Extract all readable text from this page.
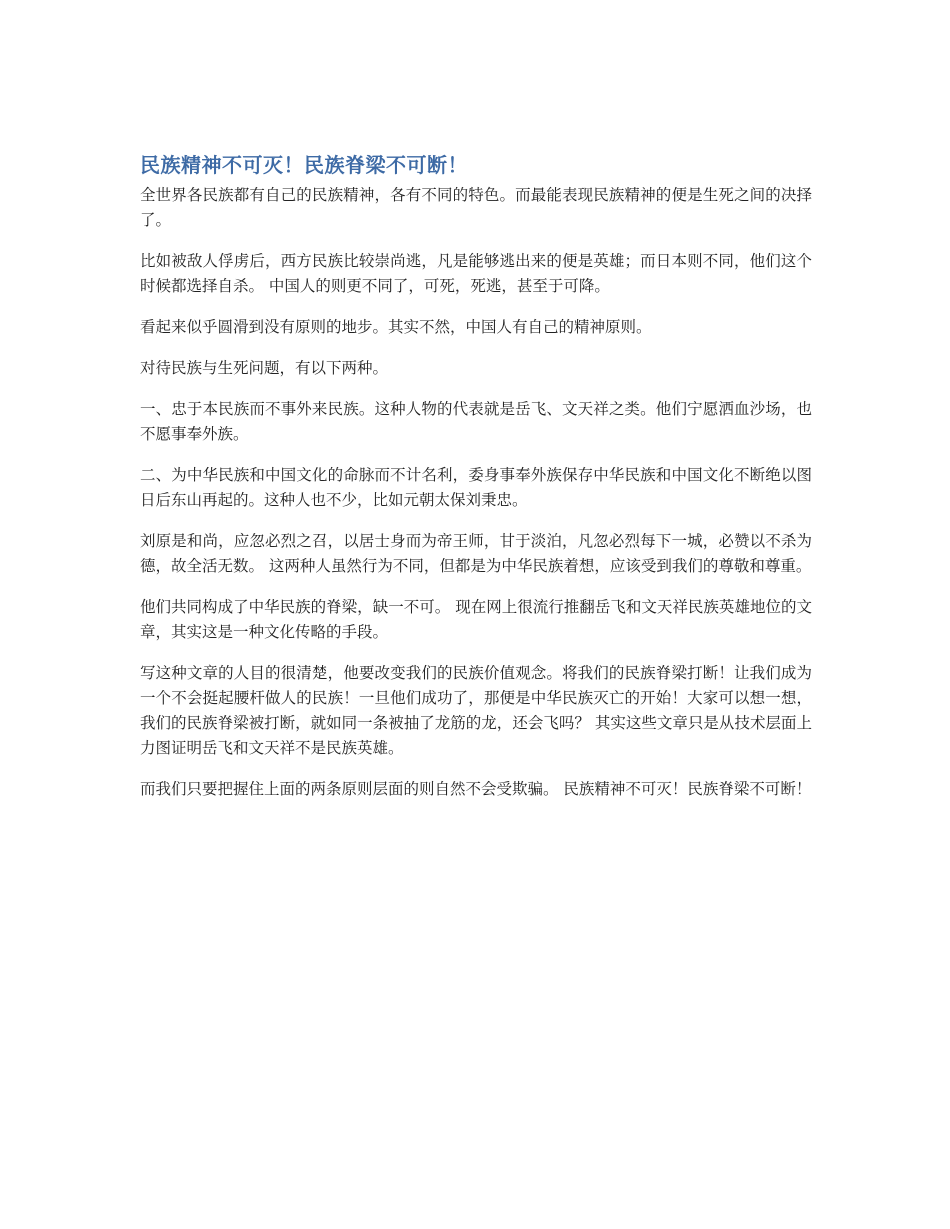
民族精神不可灭！民族脊梁不可断！

全世界各民族都有自己的民族精神，各有不同的特色。而最能表现民族精神的便是生死之间的决择了。

比如被敌人俘虏后，西方民族比较崇尚逃，凡是能够逃出来的便是英雄；而日本则不同，他们这个时候都选择自杀。 中国人的则更不同了，可死，死逃，甚至于可降。

看起来似乎圆滑到没有原则的地步。其实不然，中国人有自己的精神原则。

对待民族与生死问题，有以下两种。

一、忠于本民族而不事外来民族。这种人物的代表就是岳飞、文天祥之类。他们宁愿洒血沙场，也不愿事奉外族。

二、为中华民族和中国文化的命脉而不计名利，委身事奉外族保存中华民族和中国文化不断绝以图日后东山再起的。这种人也不少，比如元朝太保刘秉忠。

刘原是和尚，应忽必烈之召，以居士身而为帝王师，甘于淡泊，凡忽必烈每下一城，必赞以不杀为德，故全活无数。 这两种人虽然行为不同，但都是为中华民族着想，应该受到我们的尊敬和尊重。

他们共同构成了中华民族的脊梁，缺一不可。 现在网上很流行推翻岳飞和文天祥民族英雄地位的文章，其实这是一种文化传略的手段。

写这种文章的人目的很清楚，他要改变我们的民族价值观念。将我们的民族脊梁打断！让我们成为一个不会挺起腰杆做人的民族！一旦他们成功了，那便是中华民族灭亡的开始！大家可以想一想，我们的民族脊梁被打断，就如同一条被抽了龙筋的龙，还会飞吗？ 其实这些文章只是从技术层面上力图证明岳飞和文天祥不是民族英雄。

而我们只要把握住上面的两条原则层面的则自然不会受欺骗。 民族精神不可灭！民族脊梁不可断！
